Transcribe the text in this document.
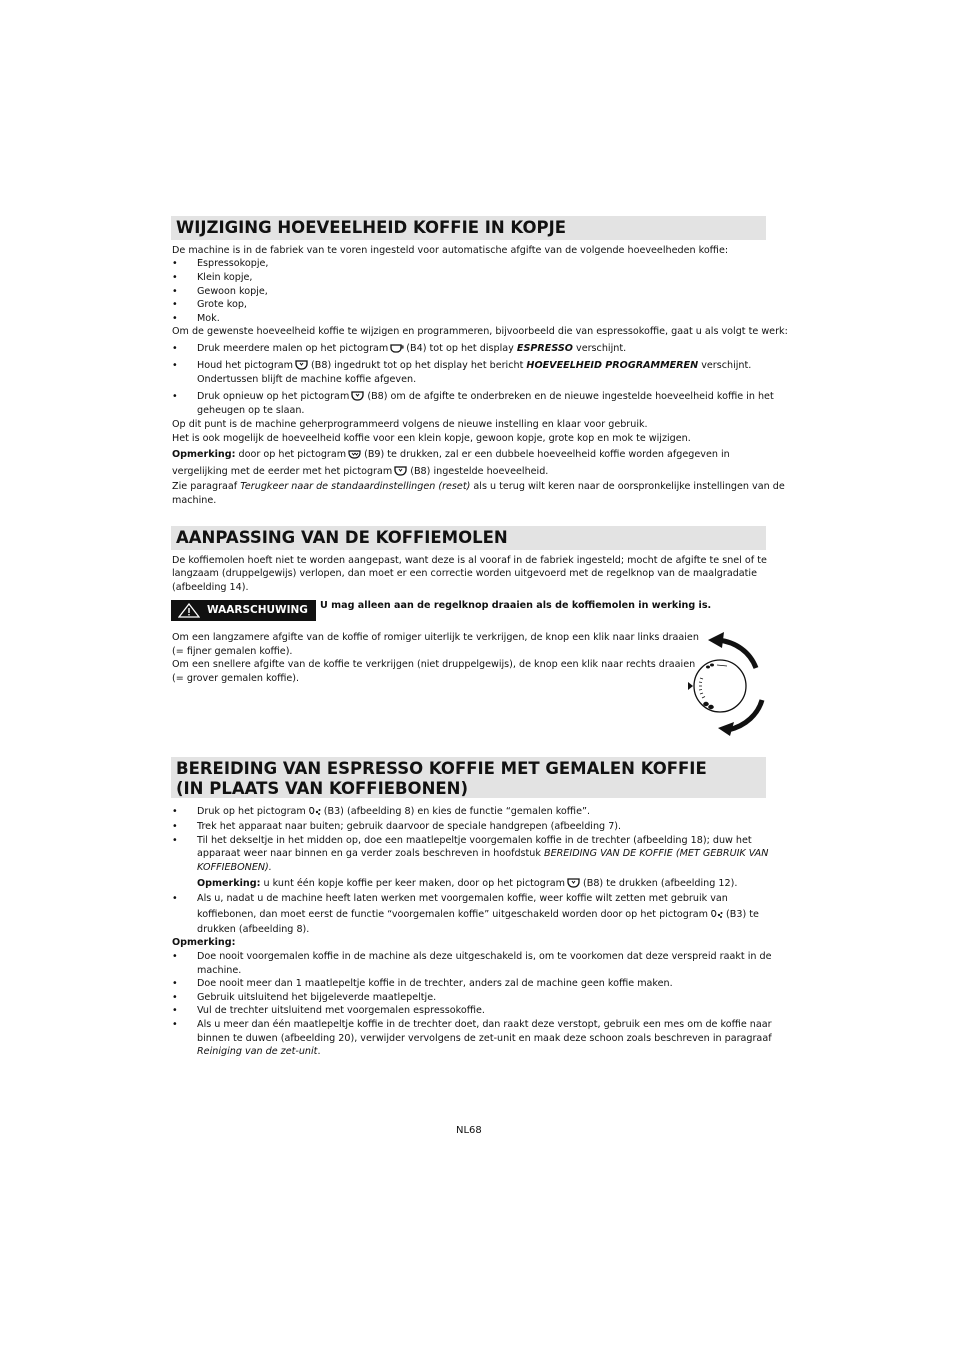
WIJZIGING HOEVEELHEID KOFFIE IN KOPJE
De machine is in de fabriek van te voren ingesteld voor automatische afgifte van de volgende hoeveelheden koffie:
• Espressokopje,
• Klein kopje,
• Gewoon kopje,
• Grote kop,
• Mok.
Om de gewenste hoeveelheid koffie te wijzigen en programmeren, bijvoorbeeld die van espressokoffie, gaat u als volgt te werk:
• Druk meerdere malen op het pictogram (B4) tot op het display ESPRESSO verschijnt.
• Houd het pictogram (B8) ingedrukt tot op het display het bericht HOEVEELHEID PROGRAMMEREN verschijnt.
Ondertussen blijft de machine koffie afgeven.
• Druk opnieuw op het pictogram (B8) om de afgifte te onderbreken en de nieuwe ingestelde hoeveelheid koffie in het
geheugen op te slaan.
Op dit punt is de machine geherprogrammeerd volgens de nieuwe instelling en klaar voor gebruik.
Het is ook mogelijk de hoeveelheid koffie voor een klein kopje, gewoon kopje, grote kop en mok te wijzigen.
Opmerking: door op het pictogram (B9) te drukken, zal er een dubbele hoeveelheid koffie worden afgegeven in
vergelijking met de eerder met het pictogram (B8) ingestelde hoeveelheid.
Zie paragraaf Terugkeer naar de standaardinstellingen (reset) als u terug wilt keren naar de oorspronkelijke instellingen van de
machine.
AANPASSING VAN DE KOFFIEMOLEN
De koffiemolen hoeft niet te worden aangepast, want deze is al vooraf in de fabriek ingesteld; mocht de afgifte te snel of te
langzaam (druppelgewijs) verlopen, dan moet er een correctie worden uitgevoerd met de regelknop van de maalgradatie
(afbeelding 14).
WAARSCHUWING U mag alleen aan de regelknop draaien als de koffiemolen in werking is.
Om een langzamere afgifte van de koffie of romiger uiterlijk te verkrijgen, de knop een klik naar links draaien
(= fijner gemalen koffie).
Om een snellere afgifte van de koffie te verkrijgen (niet druppelgewijs), de knop een klik naar rechts draaien
(= grover gemalen koffie).
BEREIDING VAN ESPRESSO KOFFIE MET GEMALEN KOFFIE
(IN PLAATS VAN KOFFIEBONEN)
• Druk op het pictogram (B3) (afbeelding 8) en kies de functie “gemalen koffie”.
• Trek het apparaat naar buiten; gebruik daarvoor de speciale handgrepen (afbeelding 7).
• Til het dekseltje in het midden op, doe een maatlepeltje voorgemalen koffie in de trechter (afbeelding 18); duw het
apparaat weer naar binnen en ga verder zoals beschreven in hoofdstuk BEREIDING VAN DE KOFFIE (MET GEBRUIK VAN
KOFFIEBONEN).
Opmerking: u kunt één kopje koffie per keer maken, door op het pictogram (B8) te drukken (afbeelding 12).
• Als u, nadat u de machine heeft laten werken met voorgemalen koffie, weer koffie wilt zetten met gebruik van
koffiebonen, dan moet eerst de functie “voorgemalen koffie” uitgeschakeld worden door op het pictogram (B3) te
drukken (afbeelding 8).
Opmerking:
• Doe nooit voorgemalen koffie in de machine als deze uitgeschakeld is, om te voorkomen dat deze verspreid raakt in de
machine.
• Doe nooit meer dan 1 maatlepeltje koffie in de trechter, anders zal de machine geen koffie maken.
• Gebruik uitsluitend het bijgeleverde maatlepeltje.
• Vul de trechter uitsluitend met voorgemalen espressokoffie.
• Als u meer dan één maatlepeltje koffie in de trechter doet, dan raakt deze verstopt, gebruik een mes om de koffie naar
binnen te duwen (afbeelding 20), verwijder vervolgens de zet-unit en maak deze schoon zoals beschreven in paragraaf
Reiniging van de zet-unit.
NL68
